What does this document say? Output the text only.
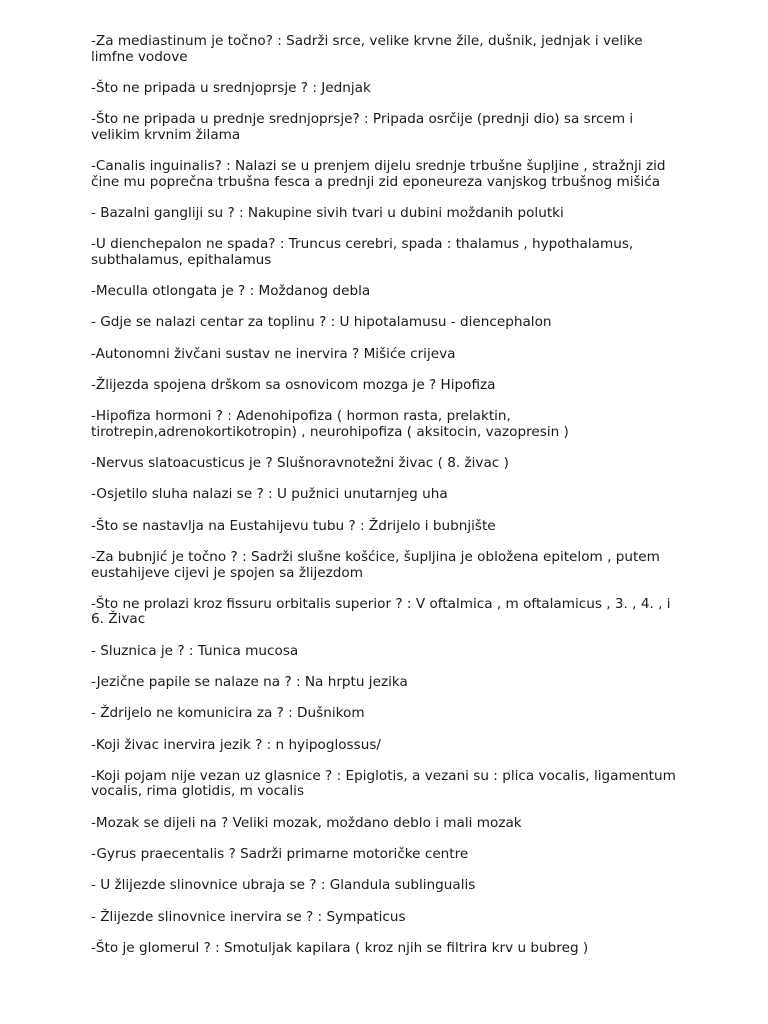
-Za mediastinum je točno? : Sadrži srce, velike krvne žile, dušnik, jednjak i velike limfne vodove
-Što ne pripada u srednjoprsje ? : Jednjak
-Što ne pripada u prednje srednjoprsje? : Pripada osrčije (prednji dio) sa srcem i velikim krvnim žilama
-Canalis inguinalis? : Nalazi se u prenjem dijelu srednje trbušne šupljine , stražnji zid čine mu poprečna trbušna fesca a prednji zid eponeureza vanjskog trbušnog mišića
- Bazalni gangliji su ? : Nakupine sivih tvari u dubini moždanih polutki
-U dienchepalon ne spada? : Truncus cerebri, spada : thalamus , hypothalamus, subthalamus, epithalamus
-Meculla otlongata je ? : Moždanog debla
- Gdje se nalazi centar za toplinu ? : U hipotalamusu - diencephalon
-Autonomni živčani sustav ne inervira ? Mišiće crijeva
-Žlijezda spojena drškom sa osnovicom mozga je ? Hipofiza
-Hipofiza hormoni ? : Adenohipofiza ( hormon rasta, prelaktin, tirotrepin,adrenokortikotropin) , neurohipofiza ( aksitocin, vazopresin )
-Nervus slatoacusticus je ? Slušnoravnotežni živac ( 8. živac )
-Osjetilo sluha nalazi se ? : U pužnici unutarnjeg uha
-Što se nastavlja na Eustahijevu tubu ? : Ždrijelo i bubnjište
-Za bubnjić je točno ? : Sadrži slušne košćice, šupljina je obložena epitelom , putem eustahijeve cijevi je spojen sa žlijezdom
-Što ne prolazi kroz fissuru orbitalis superior ? : V oftalmica , m oftalamicus , 3. , 4. , i 6. Živac
- Sluznica je ? : Tunica mucosa
-Jezične papile se nalaze na ? : Na hrptu jezika
- Ždrijelo ne komunicira za ? : Dušnikom
-Koji živac inervira jezik ? : n hyipoglossus/
-Koji pojam nije vezan uz glasnice ? : Epiglotis, a vezani su : plica vocalis, ligamentum vocalis, rima glotidis, m vocalis
-Mozak se dijeli na ? Veliki mozak, moždano deblo i mali mozak
-Gyrus praecentalis ? Sadrži primarne motoričke centre
- U žlijezde slinovnice ubraja se ? : Glandula sublingualis
- Žlijezde slinovnice inervira se ? : Sympaticus
-Što je glomerul ? : Smotuljak kapilara ( kroz njih se filtrira krv u bubreg )
